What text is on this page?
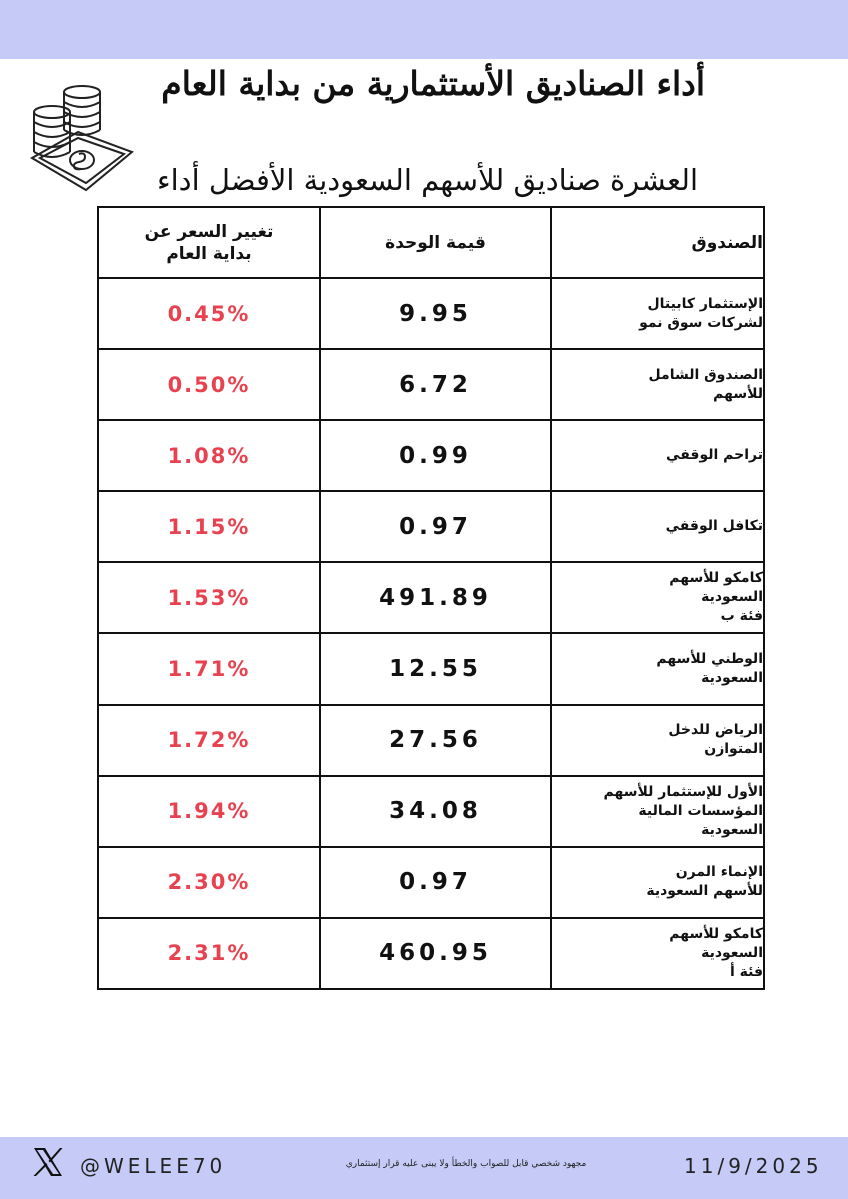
أداء الصناديق الأستثمارية من بداية العام
العشرة صناديق للأسهم السعودية الأفضل أداء
تغيير السعر عن
بداية العام	قيمة الوحدة	الصندوق
0.45%	9.95	الإستثمار كابيتال
لشركات سوق نمو

0.50%	6.72	الصندوق الشامل
للأسهم

1.08%	0.99	تراحم الوقفي

1.15%	0.97	تكافل الوقفي

1.53%	491.89	كامكو للأسهم
السعودية
فئة ب

1.71%	12.55	الوطني للأسهم
السعودية

1.72%	27.56	الرياض للدخل
المتوازن

1.94%	34.08	الأول للإستثمار للأسهم
المؤسسات المالية
السعودية

2.30%	0.97	الإنماء المرن
للأسهم السعودية

2.31%	460.95	كامكو للأسهم
السعودية
فئة أ
@WELEE70	مجهود شخصي قابل للصواب والخطأ ولا يبنى عليه قرار إستثماري	11/9/2025
